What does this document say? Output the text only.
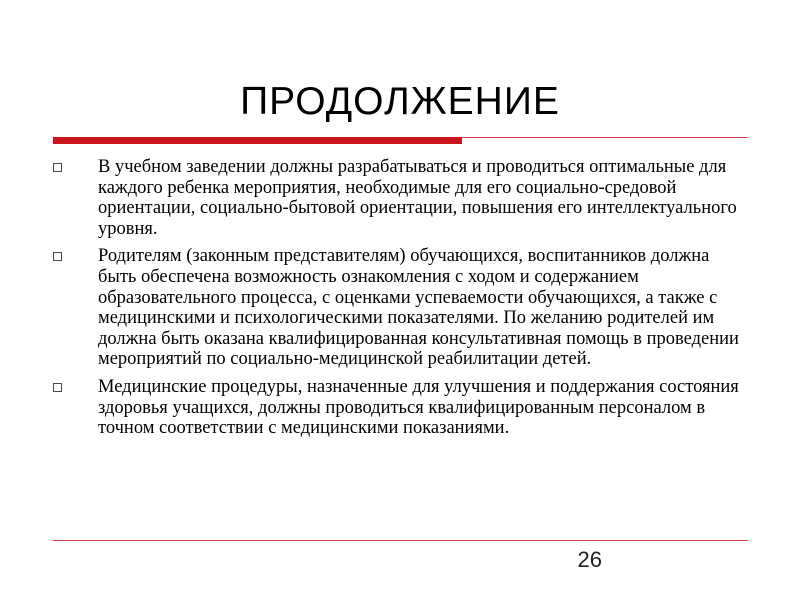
ПРОДОЛЖЕНИЕ
В учебном заведении должны разрабатываться и проводиться оптимальные для каждого ребенка мероприятия, необходимые для его социально-средовой ориентации, социально-бытовой ориентации, повышения его интеллектуального уровня.
Родителям (законным представителям) обучающихся, воспитанников должна быть обеспечена возможность ознакомления с ходом и содержанием образовательного процесса, с оценками успеваемости обучающихся, а также с медицинскими и психологическими показателями. По желанию родителей им должна быть оказана квалифицированная консультативная помощь в проведении мероприятий по социально-медицинской реабилитации детей.
Медицинские процедуры, назначенные для улучшения и поддержания состояния здоровья учащихся, должны проводиться квалифицированным персоналом в точном соответствии с медицинскими показаниями.
26
